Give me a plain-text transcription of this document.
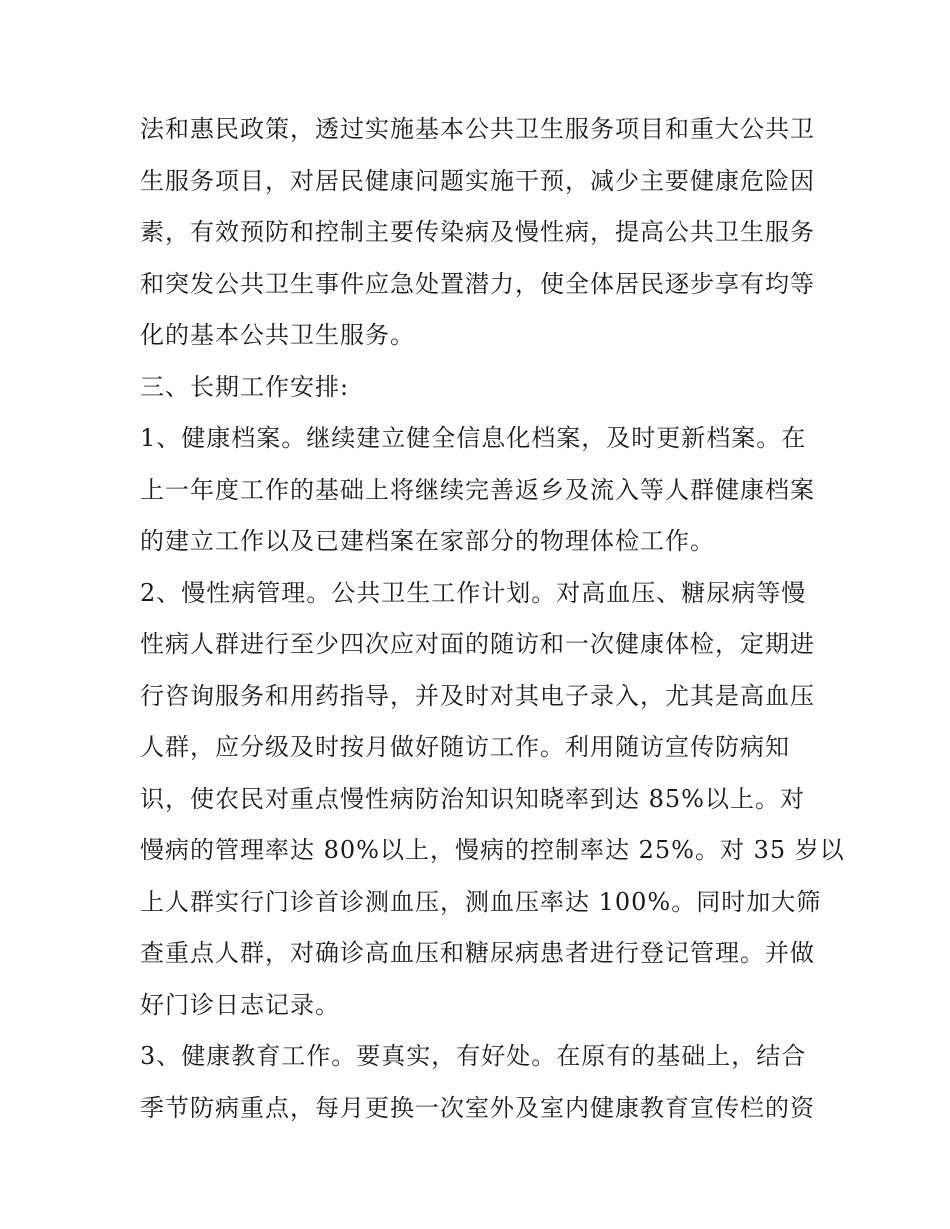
法和惠民政策，透过实施基本公共卫生服务项目和重大公共卫
生服务项目，对居民健康问题实施干预，减少主要健康危险因
素，有效预防和控制主要传染病及慢性病，提高公共卫生服务
和突发公共卫生事件应急处置潜力，使全体居民逐步享有均等
化的基本公共卫生服务。
三、长期工作安排:
1、健康档案。继续建立健全信息化档案，及时更新档案。在
上一年度工作的基础上将继续完善返乡及流入等人群健康档案
的建立工作以及已建档案在家部分的物理体检工作。
2、慢性病管理。公共卫生工作计划。对高血压、糖尿病等慢
性病人群进行至少四次应对面的随访和一次健康体检，定期进
行咨询服务和用药指导，并及时对其电子录入，尤其是高血压
人群，应分级及时按月做好随访工作。利用随访宣传防病知
识，使农民对重点慢性病防治知识知晓率到达 85%以上。对
慢病的管理率达 80%以上，慢病的控制率达 25%。对 35 岁以
上人群实行门诊首诊测血压，测血压率达 100%。同时加大筛
查重点人群，对确诊高血压和糖尿病患者进行登记管理。并做
好门诊日志记录。
3、健康教育工作。要真实，有好处。在原有的基础上，结合
季节防病重点，每月更换一次室外及室内健康教育宣传栏的资
